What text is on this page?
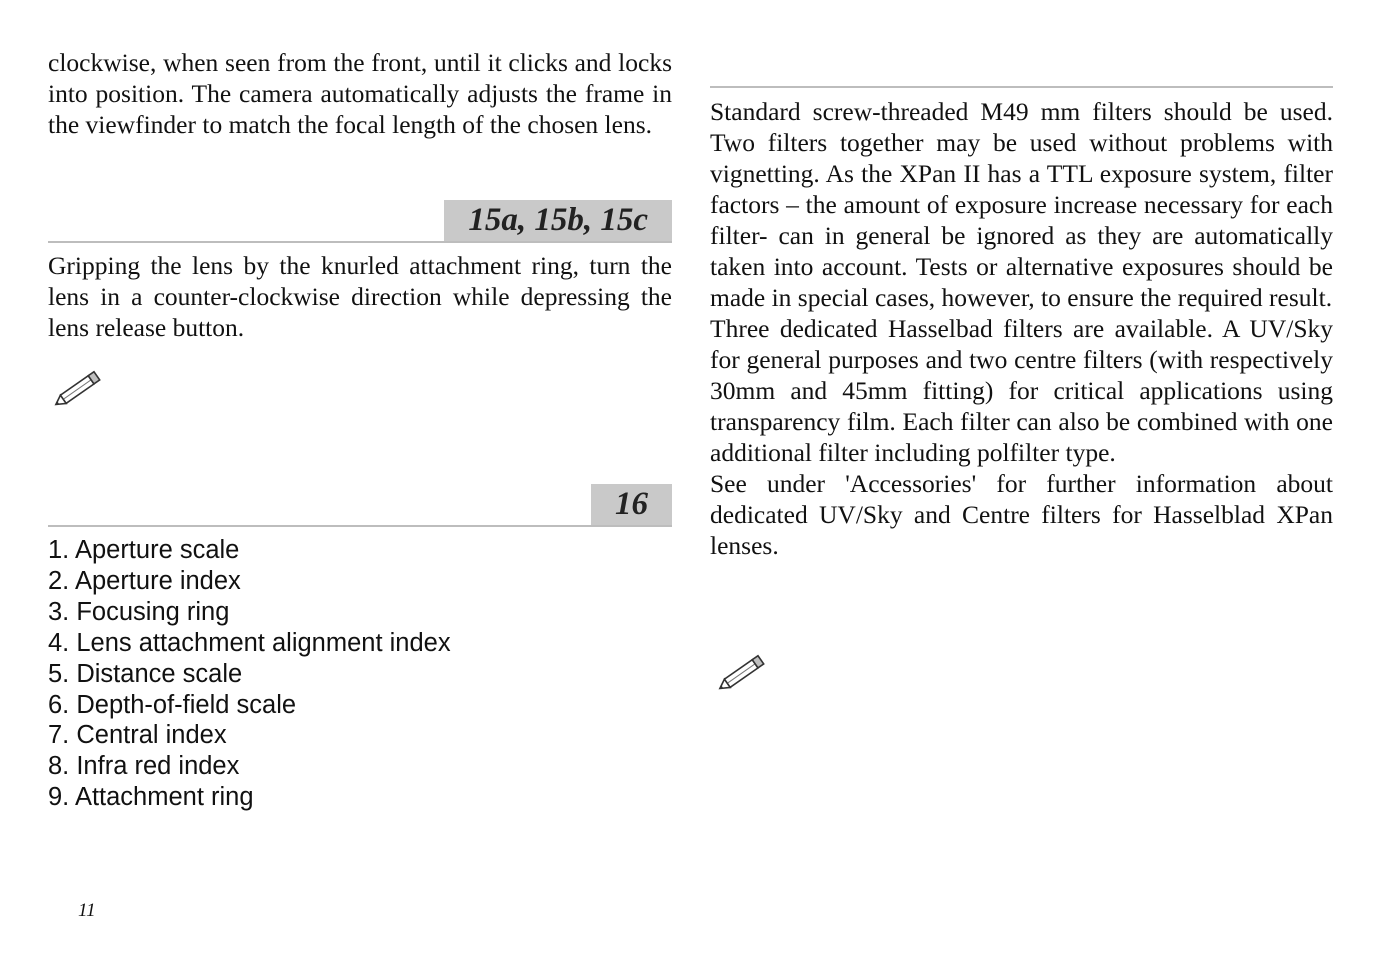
clockwise, when seen from the front, until it clicks and locks into position. The camera automatically adjusts the frame in the viewfinder to match the focal length of the chosen lens.

15a, 15b, 15c

Gripping the lens by the knurled attachment ring, turn the lens in a counter-clockwise direction while depressing the lens release button.

16
1. Aperture scale
2. Aperture index
3. Focusing ring
4. Lens attachment alignment index
5. Distance scale
6. Depth-of-field scale
7. Central index
8. Infra red index
9. Attachment ring

Standard screw-threaded M49 mm filters should be used. Two filters together may be used without problems with vignetting. As the XPan II has a TTL exposure system, filter factors – the amount of exposure increase necessary for each filter- can in general be ignored as they are automatically taken into account. Tests or alternative exposures should be made in special cases, however, to ensure the required result.

Three dedicated Hasselbad filters are available. A UV/Sky for general purposes and two centre filters (with respectively 30mm and 45mm fitting) for critical applications using transparency film. Each filter can also be combined with one additional filter including polfilter type.

See under 'Accessories' for further information about dedicated UV/Sky and Centre filters for Hasselblad XPan lenses.

11
